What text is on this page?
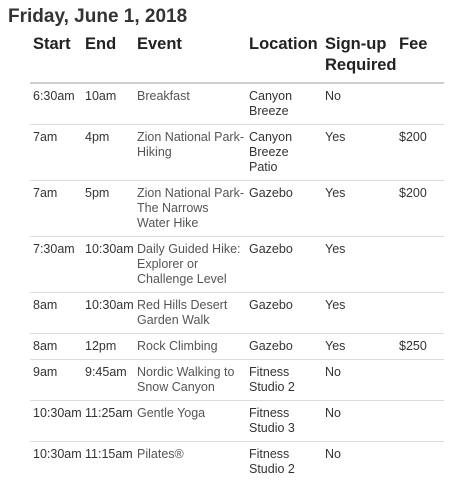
Friday, June 1, 2018
Start	End	Event	Location	Sign-up Required	Fee
6:30am	10am	Breakfast	Canyon Breeze	No	
7am	4pm	Zion National Park-Hiking	Canyon Breeze Patio	Yes	$200
7am	5pm	Zion National Park-The Narrows Water Hike	Gazebo	Yes	$200
7:30am	10:30am	Daily Guided Hike: Explorer or Challenge Level	Gazebo	Yes	
8am	10:30am	Red Hills Desert Garden Walk	Gazebo	Yes	
8am	12pm	Rock Climbing	Gazebo	Yes	$250
9am	9:45am	Nordic Walking to Snow Canyon	Fitness Studio 2	No	
10:30am	11:25am	Gentle Yoga	Fitness Studio 3	No	
10:30am	11:15am	Pilates®	Fitness Studio 2	No	
